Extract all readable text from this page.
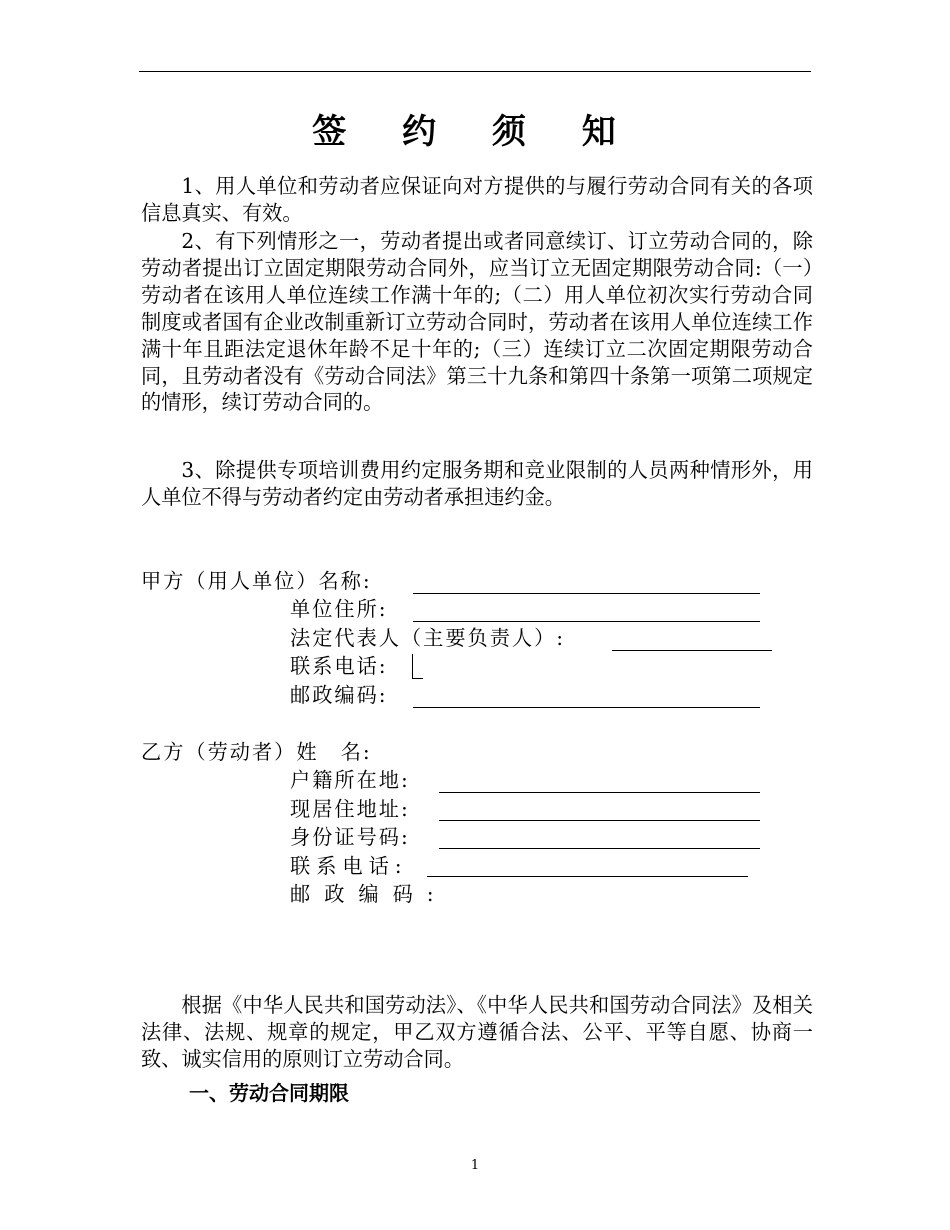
签 约 须 知

1、用人单位和劳动者应保证向对方提供的与履行劳动合同有关的各项信息真实、有效。

2、有下列情形之一，劳动者提出或者同意续订、订立劳动合同的，除劳动者提出订立固定期限劳动合同外，应当订立无固定期限劳动合同:（一）劳动者在该用人单位连续工作满十年的;（二）用人单位初次实行劳动合同制度或者国有企业改制重新订立劳动合同时，劳动者在该用人单位连续工作满十年且距法定退休年龄不足十年的;（三）连续订立二次固定期限劳动合同，且劳动者没有《劳动合同法》第三十九条和第四十条第一项第二项规定的情形，续订劳动合同的。

3、除提供专项培训费用约定服务期和竞业限制的人员两种情形外，用人单位不得与劳动者约定由劳动者承担违约金。

甲方（用人单位）名称:
单位住所:
法定代表人（主要负责人）:
联系电话:
邮政编码:
乙方（劳动者）姓　名:
户籍所在地:
现居住地址:
身份证号码:
联系电话:
邮政编码:

根据《中华人民共和国劳动法》、《中华人民共和国劳动合同法》及相关法律、法规、规章的规定，甲乙双方遵循合法、公平、平等自愿、协商一致、诚实信用的原则订立劳动合同。

一、劳动合同期限
1
